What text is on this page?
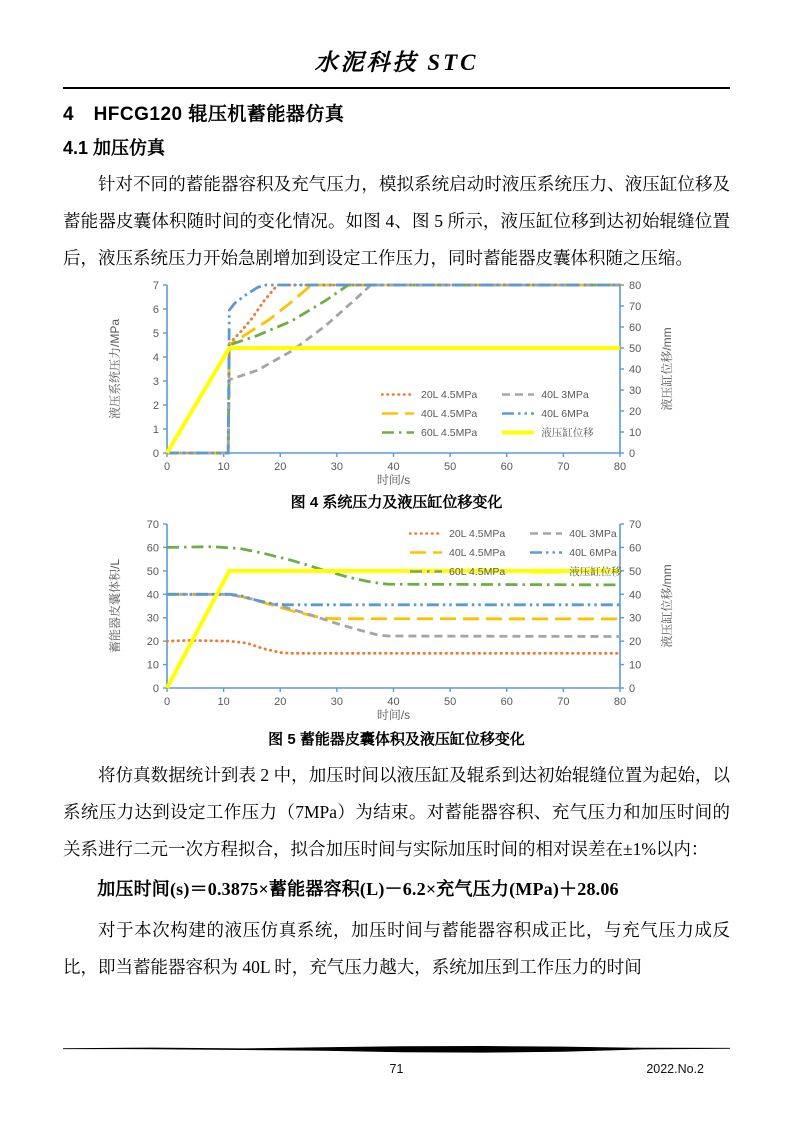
水泥科技 STC
4　HFCG120 辊压机蓄能器仿真
4.1 加压仿真

针对不同的蓄能器容积及充气压力，模拟系统启动时液压系统压力、液压缸位移及蓄能器皮囊体积随时间的变化情况。如图 4、图 5 所示，液压缸位移到达初始辊缝位置后，液压系统压力开始急剧增加到设定工作压力，同时蓄能器皮囊体积随之压缩。

0
1
2
3
4
5
6
7
0
10
20
30
40
50
60
70
80
0	10	20	30	40	50	60	70	80
液压系统压力/MPa	液压缸位移/mm
时间/s
20L 4.5MPa
40L 4.5MPa
60L 4.5MPa
40L 3MPa
40L 6MPa
液压缸位移
图 4 系统压力及液压缸位移变化
0
10
20
30
40
50
60
70
0
10
20
30
40
50
60
70
0	10	20	30	40	50	60	70	80
蓄能器皮囊体积/L	液压缸位移/mm
时间/s
20L 4.5MPa
40L 4.5MPa
60L 4.5MPa
40L 3MPa
40L 6MPa
液压缸位移
图 5 蓄能器皮囊体积及液压缸位移变化

将仿真数据统计到表 2 中，加压时间以液压缸及辊系到达初始辊缝位置为起始，以系统压力达到设定工作压力（7MPa）为结束。对蓄能器容积、充气压力和加压时间的关系进行二元一次方程拟合，拟合加压时间与实际加压时间的相对误差在±1%以内：

加压时间(s)＝0.3875×蓄能器容积(L)－6.2×充气压力(MPa)＋28.06

对于本次构建的液压仿真系统，加压时间与蓄能器容积成正比，与充气压力成反比，即当蓄能器容积为 40L 时，充气压力越大，系统加压到工作压力的时间

71	2022.No.2
